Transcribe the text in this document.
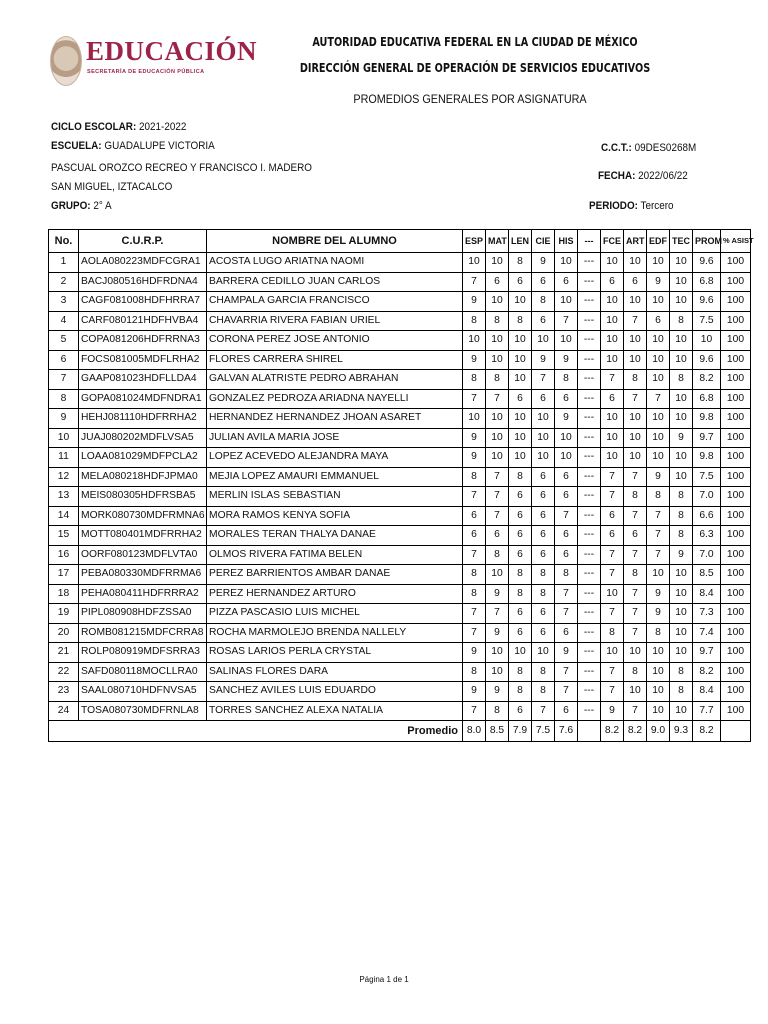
EDUCACIÓN
SECRETARÍA DE EDUCACIÓN PÚBLICA
AUTORIDAD EDUCATIVA FEDERAL EN LA CIUDAD DE MÉXICO
DIRECCIÓN GENERAL DE OPERACIÓN DE SERVICIOS EDUCATIVOS
PROMEDIOS GENERALES POR ASIGNATURA
CICLO ESCOLAR: 2021-2022
ESCUELA: GUADALUPE VICTORIA
PASCUAL OROZCO RECREO Y FRANCISCO I. MADERO
SAN MIGUEL, IZTACALCO
GRUPO: 2° A
C.C.T.: 09DES0268M
FECHA: 2022/06/22
PERIODO: Tercero
No.	C.U.R.P.	NOMBRE DEL ALUMNO	ESP	MAT	LEN	CIE	HIS	---	FCE	ART	EDF	TEC	PROM	% ASIST
1	AOLA080223MDFCGRA1	ACOSTA LUGO ARIATNA NAOMI	10	10	8	9	10	---	10	10	10	10	9.6	100
2	BACJ080516HDFRDNA4	BARRERA CEDILLO JUAN CARLOS	7	6	6	6	6	---	6	6	9	10	6.8	100
3	CAGF081008HDFHRRA7	CHAMPALA GARCIA FRANCISCO	9	10	10	8	10	---	10	10	10	10	9.6	100
4	CARF080121HDFHVBA4	CHAVARRIA RIVERA FABIAN URIEL	8	8	8	6	7	---	10	7	6	8	7.5	100
5	COPA081206HDFRRNA3	CORONA PEREZ JOSE ANTONIO	10	10	10	10	10	---	10	10	10	10	10	100
6	FOCS081005MDFLRHA2	FLORES CARRERA SHIREL	9	10	10	9	9	---	10	10	10	10	9.6	100
7	GAAP081023HDFLLDA4	GALVAN ALATRISTE PEDRO ABRAHAN	8	8	10	7	8	---	7	8	10	8	8.2	100
8	GOPA081024MDFNDRA1	GONZALEZ PEDROZA ARIADNA NAYELLI	7	7	6	6	6	---	6	7	7	10	6.8	100
9	HEHJ081110HDFRRHA2	HERNANDEZ HERNANDEZ JHOAN ASARET	10	10	10	10	9	---	10	10	10	10	9.8	100
10	JUAJ080202MDFLVSA5	JULIAN AVILA MARIA JOSE	9	10	10	10	10	---	10	10	10	9	9.7	100
11	LOAA081029MDFPCLA2	LOPEZ ACEVEDO ALEJANDRA MAYA	9	10	10	10	10	---	10	10	10	10	9.8	100
12	MELA080218HDFJPMA0	MEJIA LOPEZ AMAURI EMMANUEL	8	7	8	6	6	---	7	7	9	10	7.5	100
13	MEIS080305HDFRSBA5	MERLIN ISLAS SEBASTIAN	7	7	6	6	6	---	7	8	8	8	7.0	100
14	MORK080730MDFRMNA6	MORA RAMOS KENYA SOFIA	6	7	6	6	7	---	6	7	7	8	6.6	100
15	MOTT080401MDFRRHA2	MORALES TERAN THALYA DANAE	6	6	6	6	6	---	6	6	7	8	6.3	100
16	OORF080123MDFLVTA0	OLMOS RIVERA FATIMA BELEN	7	8	6	6	6	---	7	7	7	9	7.0	100
17	PEBA080330MDFRRMA6	PEREZ BARRIENTOS AMBAR DANAE	8	10	8	8	8	---	7	8	10	10	8.5	100
18	PEHA080411HDFRRRA2	PEREZ HERNANDEZ ARTURO	8	9	8	8	7	---	10	7	9	10	8.4	100
19	PIPL080908HDFZSSA0	PIZZA PASCASIO LUIS MICHEL	7	7	6	6	7	---	7	7	9	10	7.3	100
20	ROMB081215MDFCRRA8	ROCHA MARMOLEJO BRENDA NALLELY	7	9	6	6	6	---	8	7	8	10	7.4	100
21	ROLP080919MDFSRRA3	ROSAS LARIOS PERLA CRYSTAL	9	10	10	10	9	---	10	10	10	10	9.7	100
22	SAFD080118MOCLLRA0	SALINAS FLORES DARA	8	10	8	8	7	---	7	8	10	8	8.2	100
23	SAAL080710HDFNVSA5	SANCHEZ AVILES LUIS EDUARDO	9	9	8	8	7	---	7	10	10	8	8.4	100
24	TOSA080730MDFRNLA8	TORRES SANCHEZ ALEXA NATALIA	7	8	6	7	6	---	9	7	10	10	7.7	100
Promedio			8.0	8.5	7.9	7.5	7.6		8.2	8.2	9.0	9.3	8.2	
Página 1 de 1
